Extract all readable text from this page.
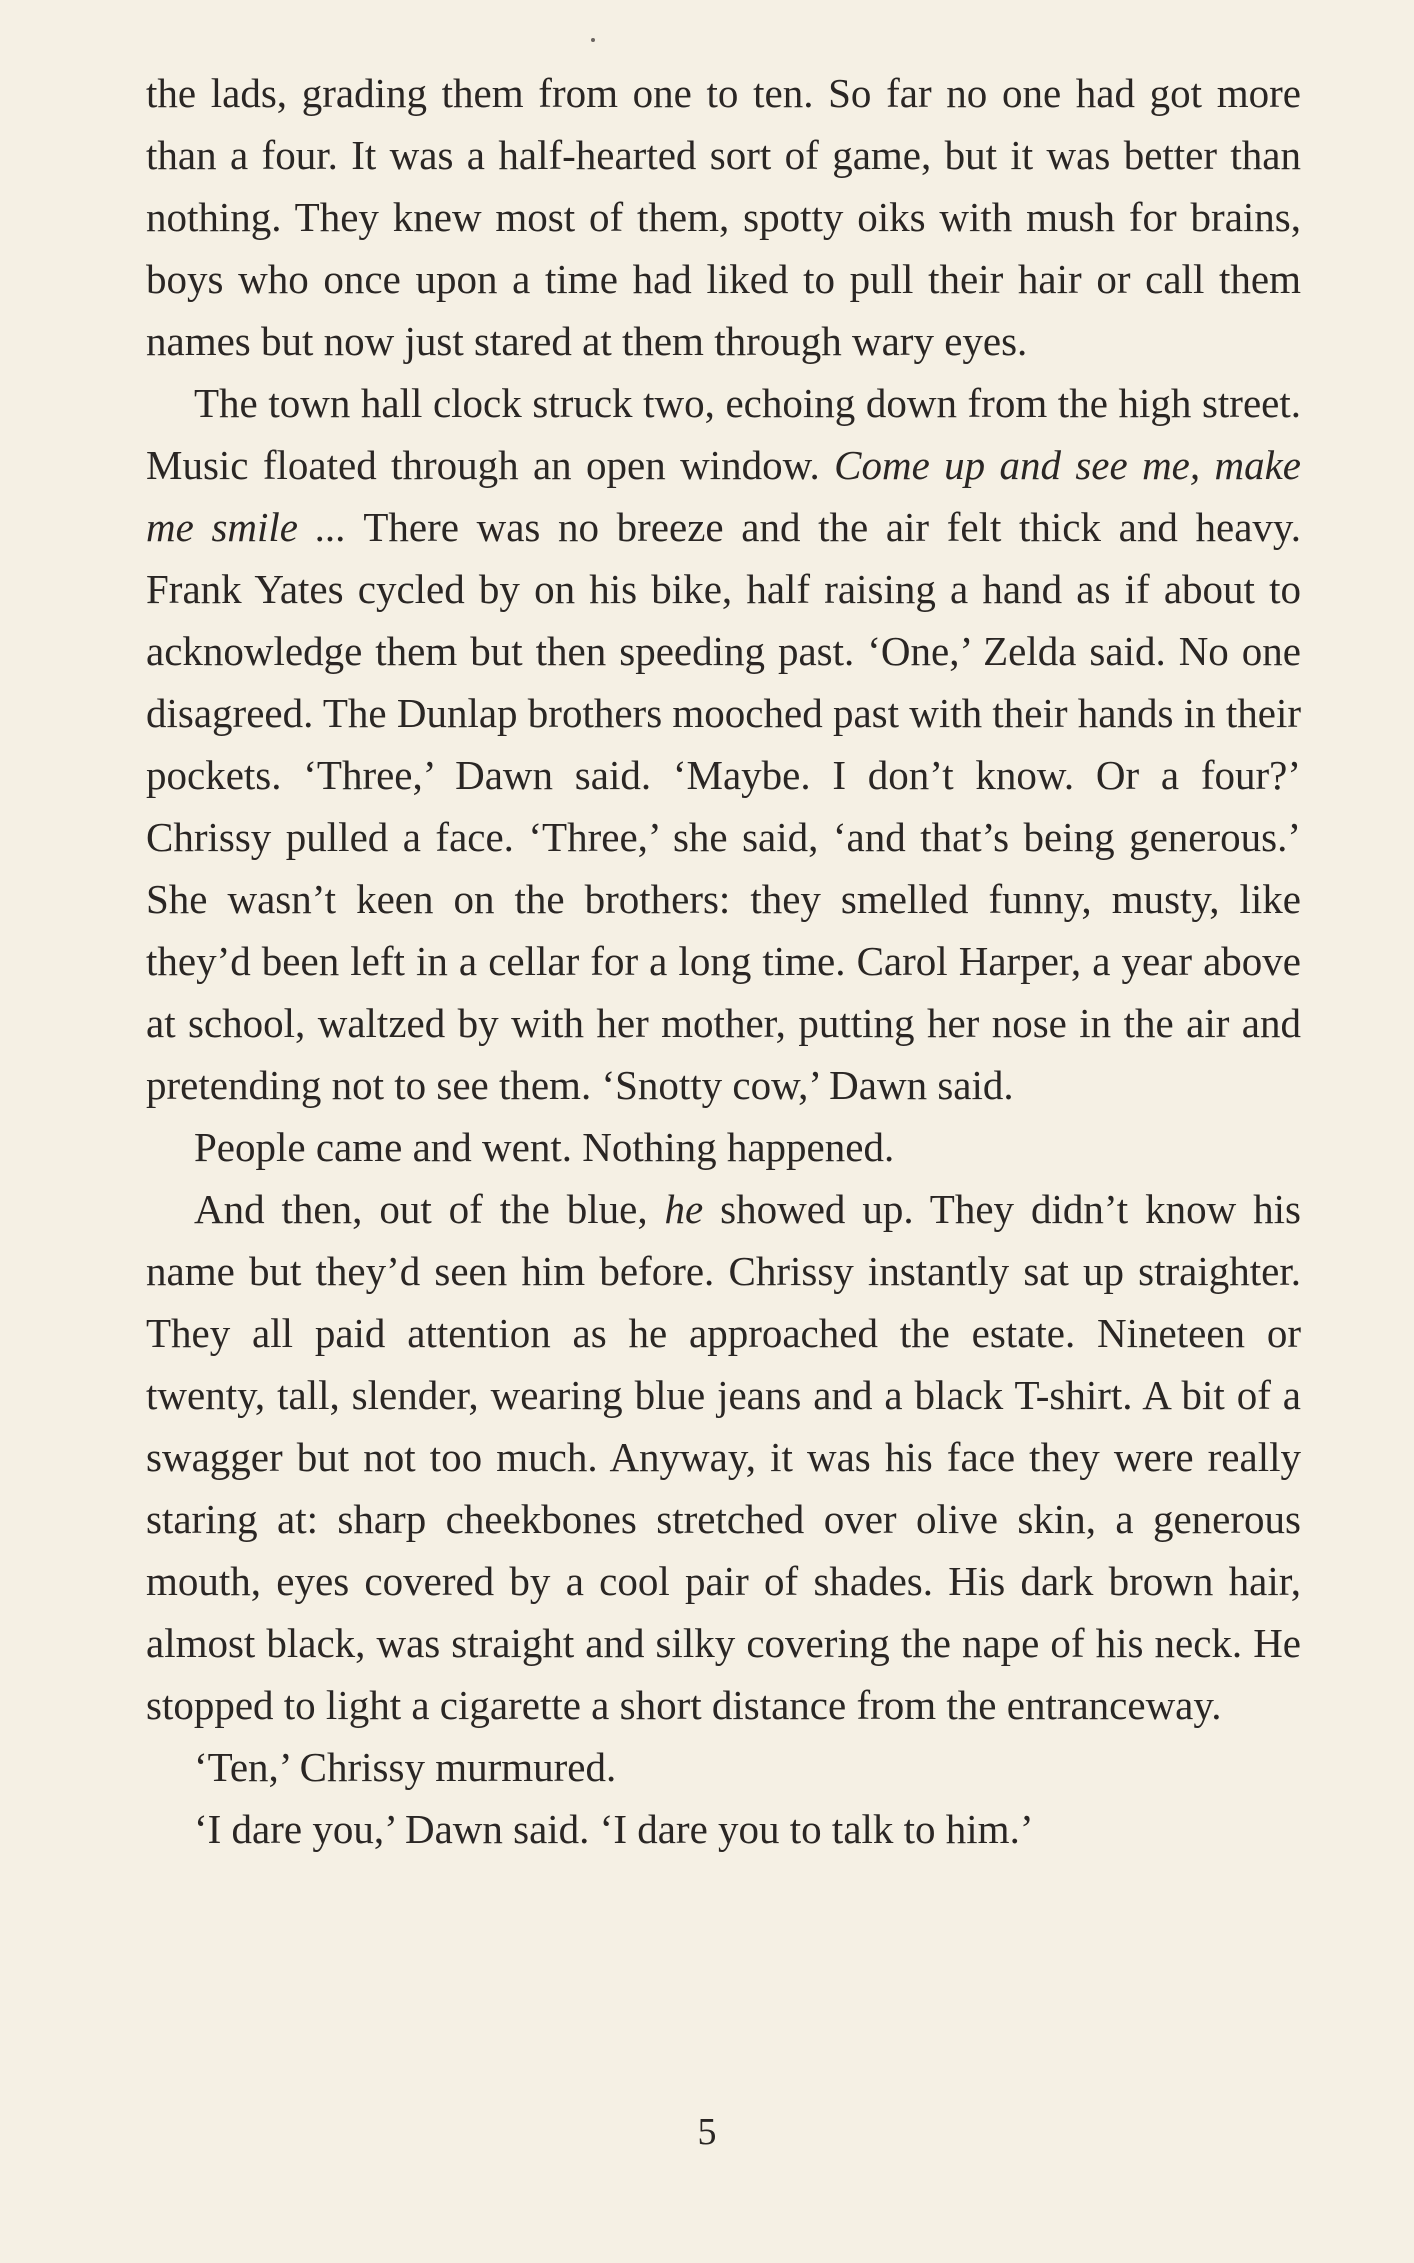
the lads, grading them from one to ten. So far no one had got more than a four. It was a half-hearted sort of game, but it was better than nothing. They knew most of them, spotty oiks with mush for brains, boys who once upon a time had liked to pull their hair or call them names but now just stared at them through wary eyes.

The town hall clock struck two, echoing down from the high street. Music floated through an open window. Come up and see me, make me smile ... There was no breeze and the air felt thick and heavy. Frank Yates cycled by on his bike, half raising a hand as if about to acknowledge them but then speeding past. ‘One,’ Zelda said. No one disagreed. The Dunlap brothers mooched past with their hands in their pockets. ‘Three,’ Dawn said. ‘Maybe. I don’t know. Or a four?’ Chrissy pulled a face. ‘Three,’ she said, ‘and that’s being generous.’ She wasn’t keen on the brothers: they smelled funny, musty, like they’d been left in a cellar for a long time. Carol Harper, a year above at school, waltzed by with her mother, putting her nose in the air and pretending not to see them. ‘Snotty cow,’ Dawn said.

People came and went. Nothing happened.

And then, out of the blue, he showed up. They didn’t know his name but they’d seen him before. Chrissy instantly sat up straighter. They all paid attention as he approached the estate. Nineteen or twenty, tall, slender, wearing blue jeans and a black T-shirt. A bit of a swagger but not too much. Anyway, it was his face they were really staring at: sharp cheekbones stretched over olive skin, a generous mouth, eyes covered by a cool pair of shades. His dark brown hair, almost black, was straight and silky covering the nape of his neck. He stopped to light a cigarette a short distance from the entranceway.

‘Ten,’ Chrissy murmured.

‘I dare you,’ Dawn said. ‘I dare you to talk to him.’

5
